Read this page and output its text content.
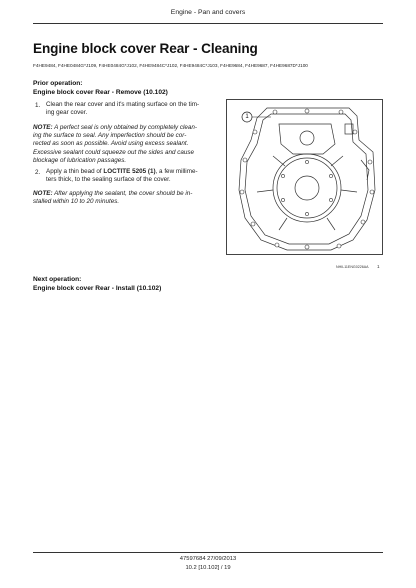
Engine - Pan and covers
Engine block cover Rear - Cleaning
F4HE9484, F4HE0484G*J109, F4HE0484G*J102, F4HE9484C*J102, F4HE9484C*J103, F4HE9684, F4HE9687, F4HE9687D*J100
Prior operation:
Engine block cover Rear - Remove (10.102)
1. Clean the rear cover and it's mating surface on the tim-
ing gear cover.
NOTE: A perfect seal is only obtained by completely clean-
ing the surface to seal. Any imperfection should be cor-
rected as soon as possible. Avoid using excess sealant.
Excessive sealant could squeeze out the sides and cause
blockage of lubrication passages.
2. Apply a thin bead of LOCTITE 5205 (1), a few millime-
ters thick, to the sealing surface of the cover.
NOTE: After applying the sealant, the cover should be in-
stalled within 10 to 20 minutes.
1
NHIL11ENG0226AA 1
Next operation:
Engine block cover Rear - Install (10.102)
47597684 27/09/2013
10.2 [10.102] / 19
